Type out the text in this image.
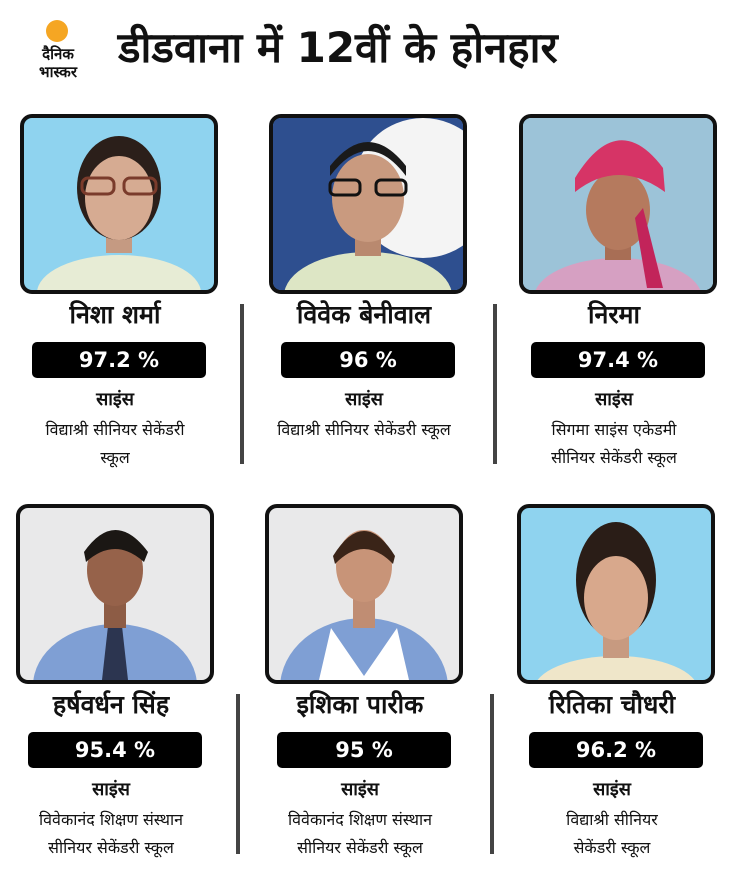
दैनिक
भास्कर डीडवाना में 12वीं के होनहार
निशा शर्मा
97.2 %
साइंस
विद्याश्री सीनियर सेकेंडरी
स्कूल
विवेक बेनीवाल
96 %
साइंस
विद्याश्री सीनियर सेकेंडरी स्कूल

निरमा
97.4 %
साइंस
सिगमा साइंस एकेडमी
सीनियर सेकेंडरी स्कूल
हर्षवर्धन सिंह
95.4 %
साइंस
विवेकानंद शिक्षण संस्थान
सीनियर सेकेंडरी स्कूल
इशिका पारीक
95 %
साइंस
विवेकानंद शिक्षण संस्थान
सीनियर सेकेंडरी स्कूल
रितिका चौधरी
96.2 %
साइंस
विद्याश्री सीनियर
सेकेंडरी स्कूल
